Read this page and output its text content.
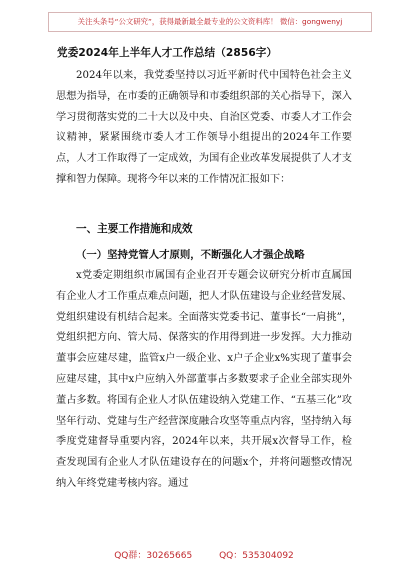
关注头条号“公文研究”，获得最新最全最专业的公文资料库！ 微信：gongwenyj
党委2024年上半年人才工作总结（2856字）
2024年以来，我党委坚持以习近平新时代中国特色社会主义思想为指导，在市委的正确领导和市委组织部的关心指导下，深入学习贯彻落实党的二十大以及中央、自治区党委、市委人才工作会议精神，紧紧围绕市委人才工作领导小组提出的2024年工作要点，人才工作取得了一定成效，为国有企业改革发展提供了人才支撑和智力保障。现将今年以来的工作情况汇报如下：
一、主要工作措施和成效
（一）坚持党管人才原则，不断强化人才强企战略
x党委定期组织市属国有企业召开专题会议研究分析市直属国有企业人才工作重点难点问题，把人才队伍建设与企业经营发展、党组织建设有机结合起来。全面落实党委书记、董事长“一肩挑”，党组织把方向、管大局、保落实的作用得到进一步发挥。大力推动董事会应建尽建，监管x户一级企业、x户子企业x%实现了董事会应建尽建，其中x户应纳入外部董事占多数要求子企业全部实现外董占多数。将国有企业人才队伍建设纳入党建工作、“五基三化”攻坚年行动、党建与生产经营深度融合攻坚等重点内容，坚持纳入每季度党建督导重要内容，2024年以来，共开展x次督导工作，检查发现国有企业人才队伍建设存在的问题x个，并将问题整改情况纳入年终党建考核内容。通过
QQ群：30265665	QQ：535304092
